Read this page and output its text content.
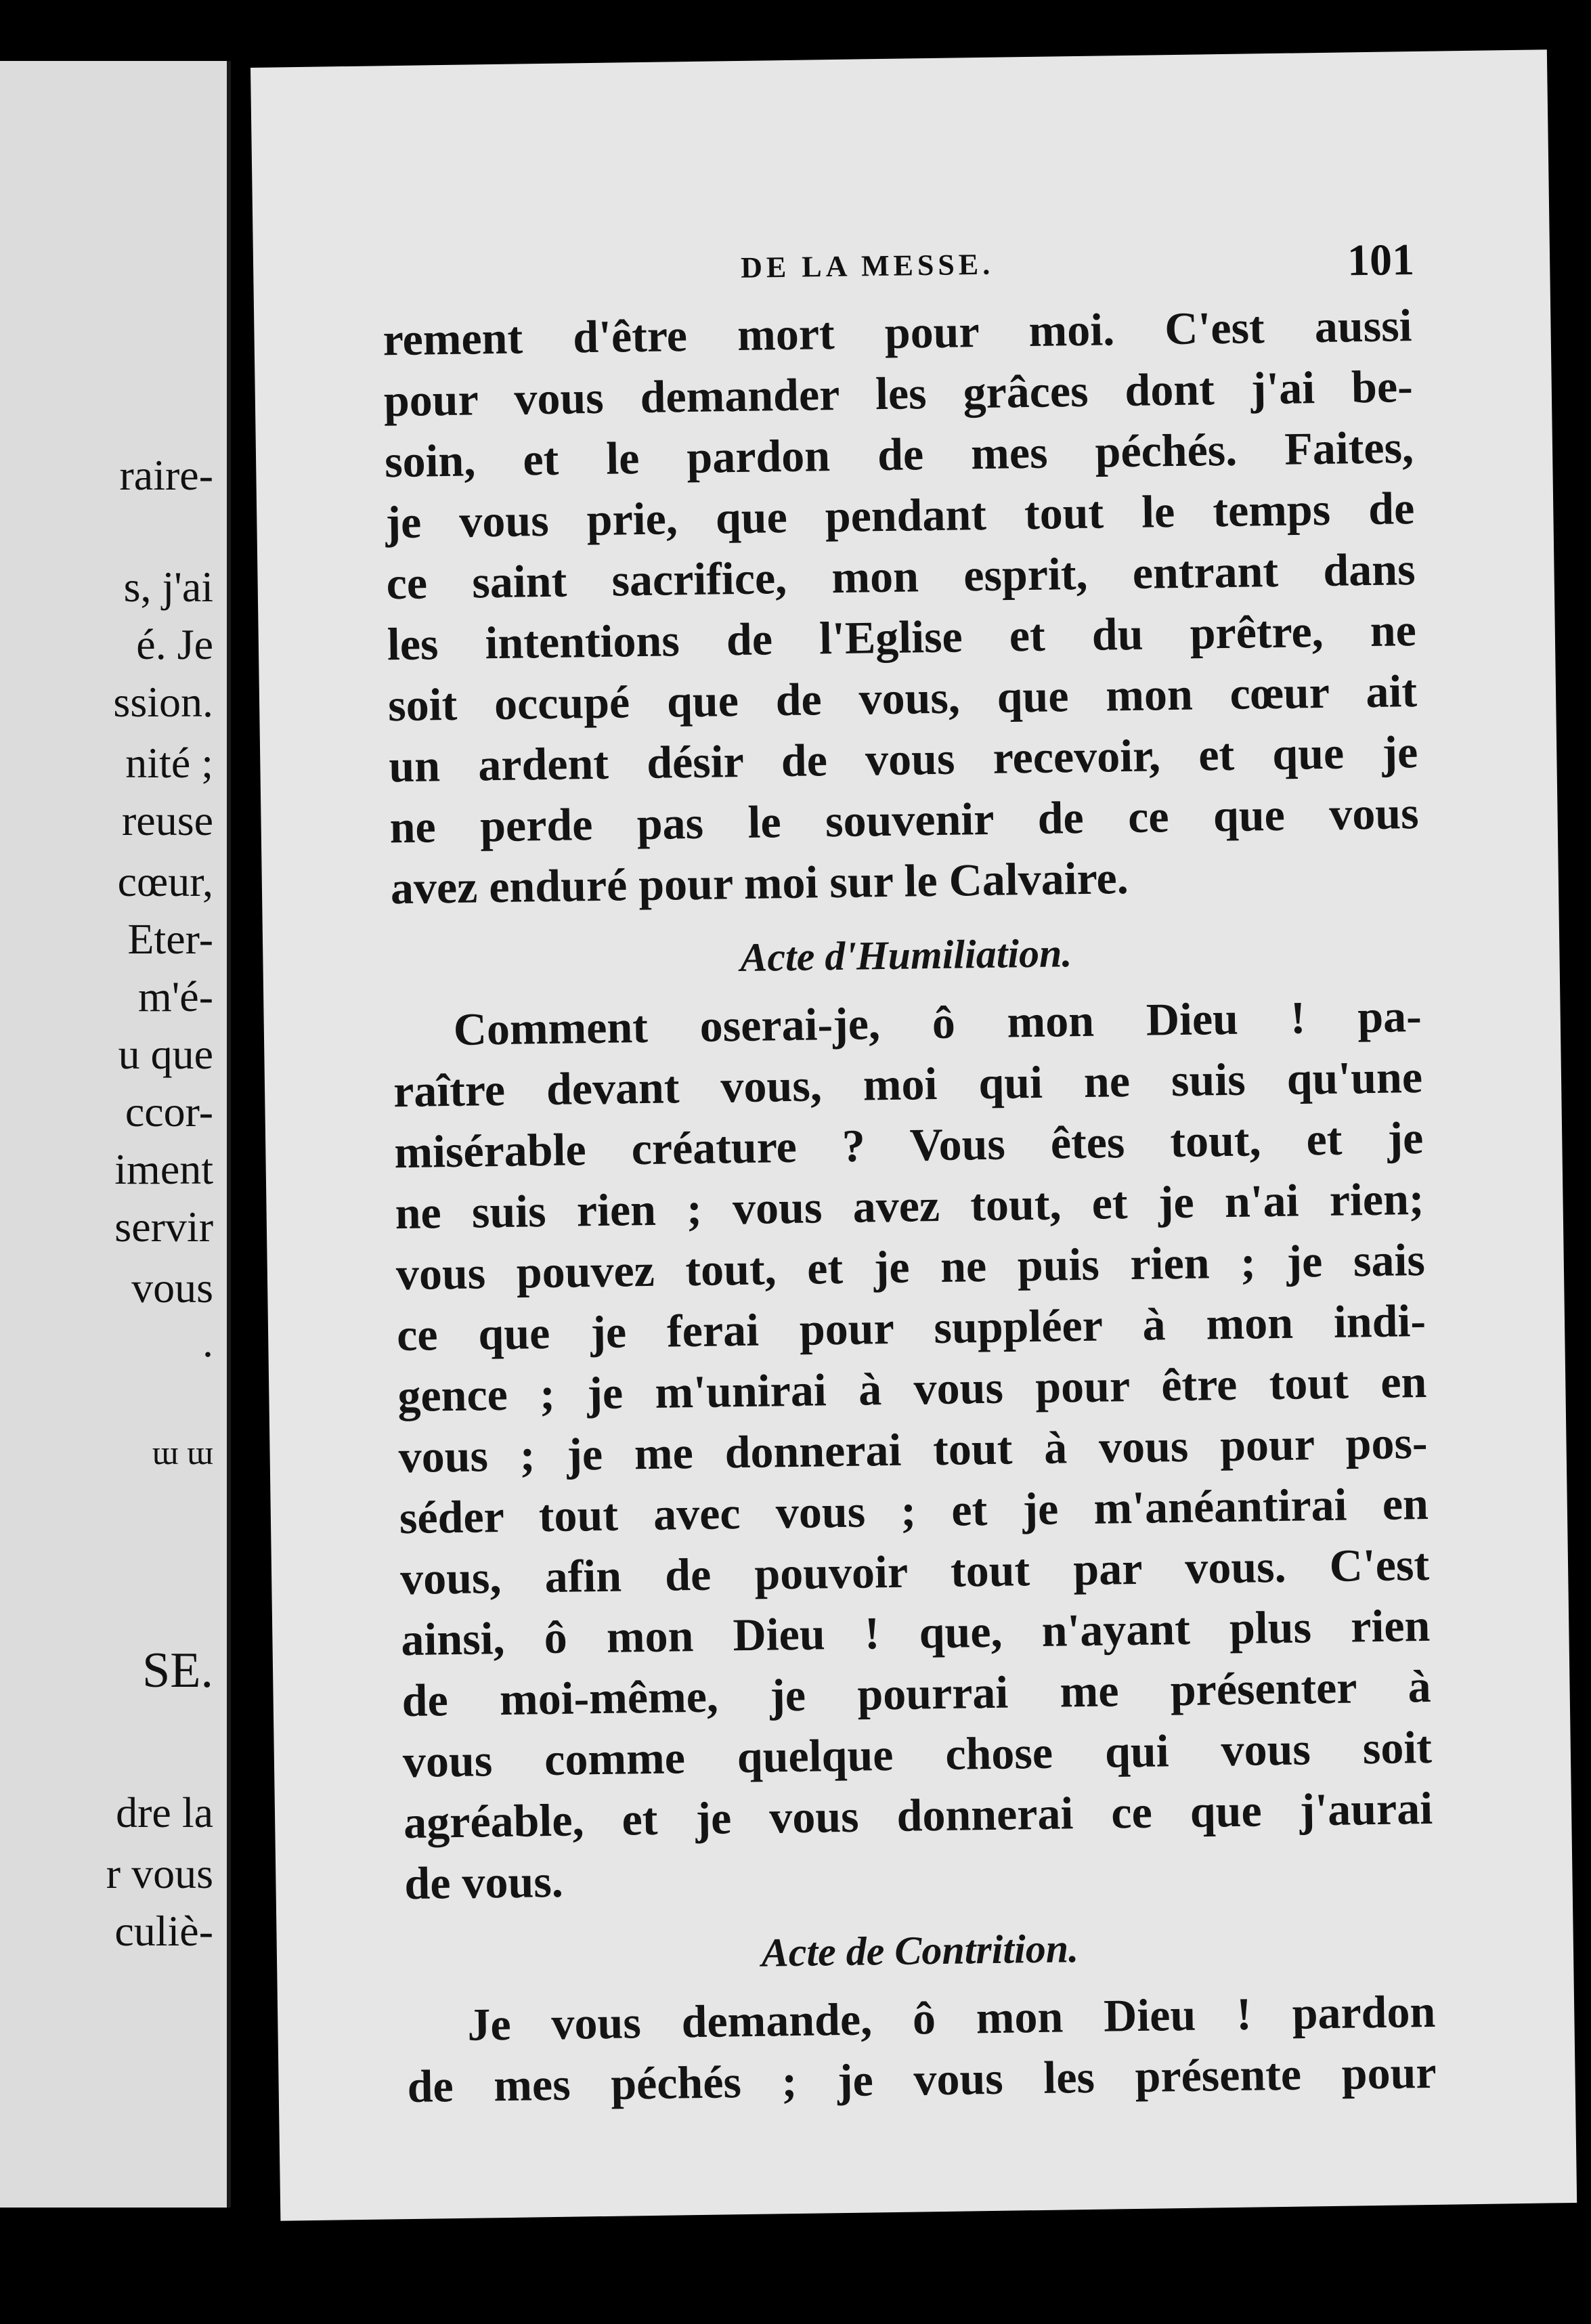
raire-
s, j'ai
é. Je
ssion.
nité ;
reuse
cœur,
Eter-
m'é-
u que
ccor-
iment
servir
vous
.
ɯ ɯ
SE.
dre la
r vous
culiè-
DE LA MESSE.	101
rement d'être mort pour moi. C'est aussi
pour vous demander les grâces dont j'ai be-
soin, et le pardon de mes péchés. Faites,
je vous prie, que pendant tout le temps de
ce saint sacrifice, mon esprit, entrant dans
les intentions de l'Eglise et du prêtre, ne
soit occupé que de vous, que mon cœur ait
un ardent désir de vous recevoir, et que je
ne perde pas le souvenir de ce que vous
avez enduré pour moi sur le Calvaire.
Acte d'Humiliation.
Comment oserai-je, ô mon Dieu ! pa-
raître devant vous, moi qui ne suis qu'une
misérable créature ? Vous êtes tout, et je
ne suis rien ; vous avez tout, et je n'ai rien;
vous pouvez tout, et je ne puis rien ; je sais
ce que je ferai pour suppléer à mon indi-
gence ; je m'unirai à vous pour être tout en
vous ; je me donnerai tout à vous pour pos-
séder tout avec vous ; et je m'anéantirai en
vous, afin de pouvoir tout par vous. C'est
ainsi, ô mon Dieu ! que, n'ayant plus rien
de moi-même, je pourrai me présenter à
vous comme quelque chose qui vous soit
agréable, et je vous donnerai ce que j'aurai
de vous.
Acte de Contrition.
Je vous demande, ô mon Dieu ! pardon
de mes péchés ; je vous les présente pour
